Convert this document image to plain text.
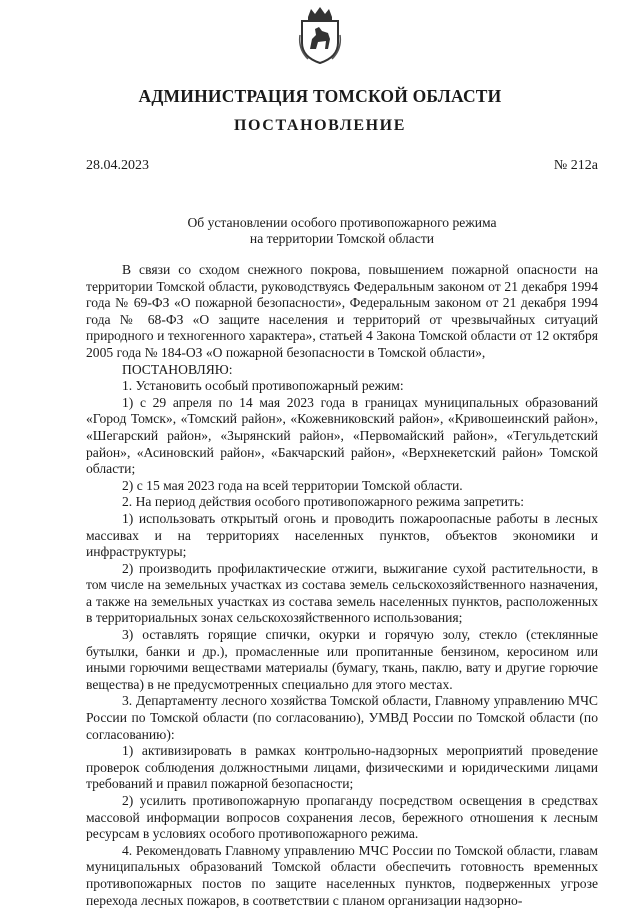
АДМИНИСТРАЦИЯ ТОМСКОЙ ОБЛАСТИ
ПОСТАНОВЛЕНИЕ
28.04.2023	№ 212а
Об установлении особого противопожарного режима
на территории Томской области

В связи со сходом снежного покрова, повышением пожарной опасности на территории Томской области, руководствуясь Федеральным законом от 21 декабря 1994 года № 69-ФЗ «О пожарной безопасности», Федеральным законом от 21 декабря 1994 года № 68-ФЗ «О защите населения и территорий от чрезвычайных ситуаций природного и техногенного характера», статьей 4 Закона Томской области от 12 октября 2005 года № 184-ОЗ «О пожарной безопасности в Томской области»,

ПОСТАНОВЛЯЮ:

1. Установить особый противопожарный режим:

1) с 29 апреля по 14 мая 2023 года в границах муниципальных образований «Город Томск», «Томский район», «Кожевниковский район», «Кривошеинский район», «Шегарский район», «Зырянский район», «Первомайский район», «Тегульдетский район», «Асиновский район», «Бакчарский район», «Верхнекетский район» Томской области;

2) с 15 мая 2023 года на всей территории Томской области.

2. На период действия особого противопожарного режима запретить:

1) использовать открытый огонь и проводить пожароопасные работы в лесных массивах и на территориях населенных пунктов, объектов экономики и инфраструктуры;

2) производить профилактические отжиги, выжигание сухой растительности, в том числе на земельных участках из состава земель сельскохозяйственного назначения, а также на земельных участках из состава земель населенных пунктов, расположенных в территориальных зонах сельскохозяйственного использования;

3) оставлять горящие спички, окурки и горячую золу, стекло (стеклянные бутылки, банки и др.), промасленные или пропитанные бензином, керосином или иными горючими веществами материалы (бумагу, ткань, паклю, вату и другие горючие вещества) в не предусмотренных специально для этого местах.

3. Департаменту лесного хозяйства Томской области, Главному управлению МЧС России по Томской области (по согласованию), УМВД России по Томской области (по согласованию):

1) активизировать в рамках контрольно-надзорных мероприятий проведение проверок соблюдения должностными лицами, физическими и юридическими лицами требований и правил пожарной безопасности;

2) усилить противопожарную пропаганду посредством освещения в средствах массовой информации вопросов сохранения лесов, бережного отношения к лесным ресурсам в условиях особого противопожарного режима.

4. Рекомендовать Главному управлению МЧС России по Томской области, главам муниципальных образований Томской области обеспечить готовность временных противопожарных постов по защите населенных пунктов, подверженных угрозе перехода лесных пожаров, в соответствии с планом организации надзорно-
